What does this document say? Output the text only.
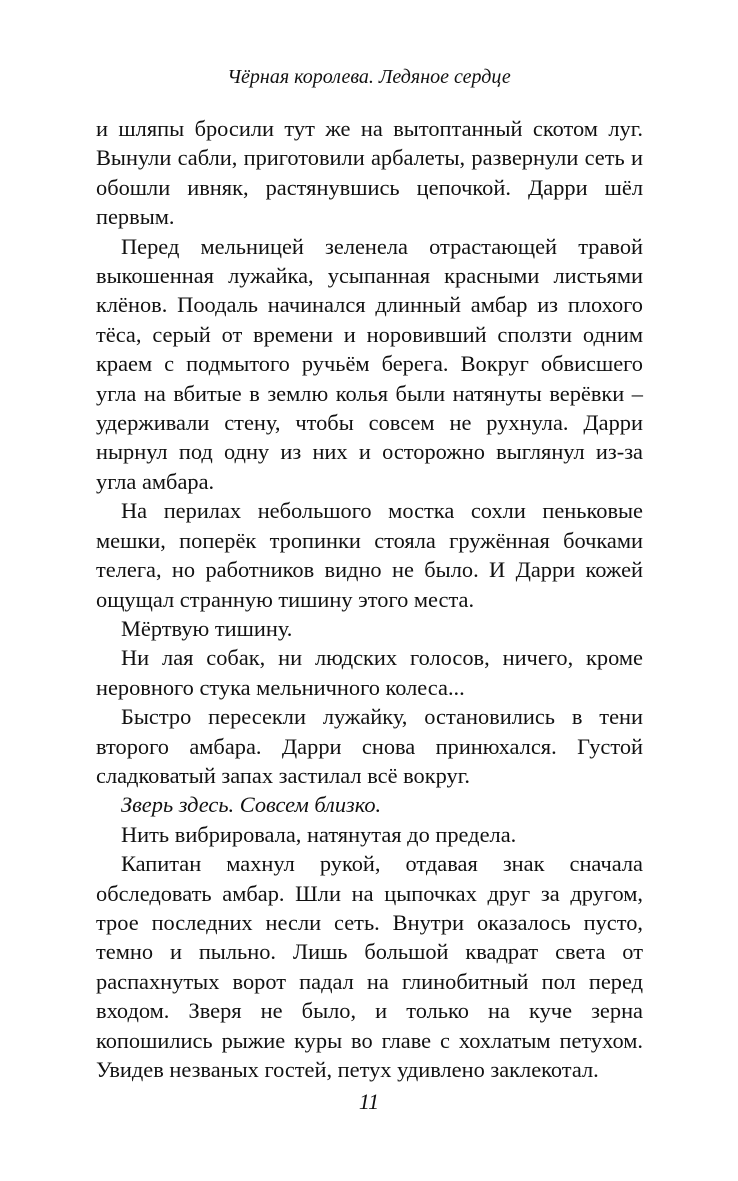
Чёрная королева. Ледяное сердце

и шляпы бросили тут же на вытоптанный скотом луг. Вынули сабли, приготовили арбалеты, развернули сеть и обошли ивняк, растянувшись цепочкой. Дарри шёл первым.

Перед мельницей зеленела отрастающей травой выкошенная лужайка, усыпанная красными листьями клёнов. Поодаль начинался длинный амбар из плохого тёса, серый от времени и норовивший сползти одним краем с подмытого ручьём берега. Вокруг обвисшего угла на вбитые в землю колья были натянуты верёвки – удерживали стену, чтобы совсем не рухнула. Дарри нырнул под одну из них и осторожно выглянул из-за угла амбара.

На перилах небольшого мостка сохли пеньковые мешки, поперёк тропинки стояла гружённая бочками телега, но работников видно не было. И Дарри кожей ощущал странную тишину этого места.

Мёртвую тишину.

Ни лая собак, ни людских голосов, ничего, кроме неровного стука мельничного колеса...

Быстро пересекли лужайку, остановились в тени второго амбара. Дарри снова принюхался. Густой сладковатый запах застилал всё вокруг.

Зверь здесь. Совсем близко.

Нить вибрировала, натянутая до предела.

Капитан махнул рукой, отдавая знак сначала обследовать амбар. Шли на цыпочках друг за другом, трое последних несли сеть. Внутри оказалось пусто, темно и пыльно. Лишь большой квадрат света от распахнутых ворот падал на глинобитный пол перед входом. Зверя не было, и только на куче зерна копошились рыжие куры во главе с хохлатым петухом. Увидев незваных гостей, петух удивлено заклекотал.

11
